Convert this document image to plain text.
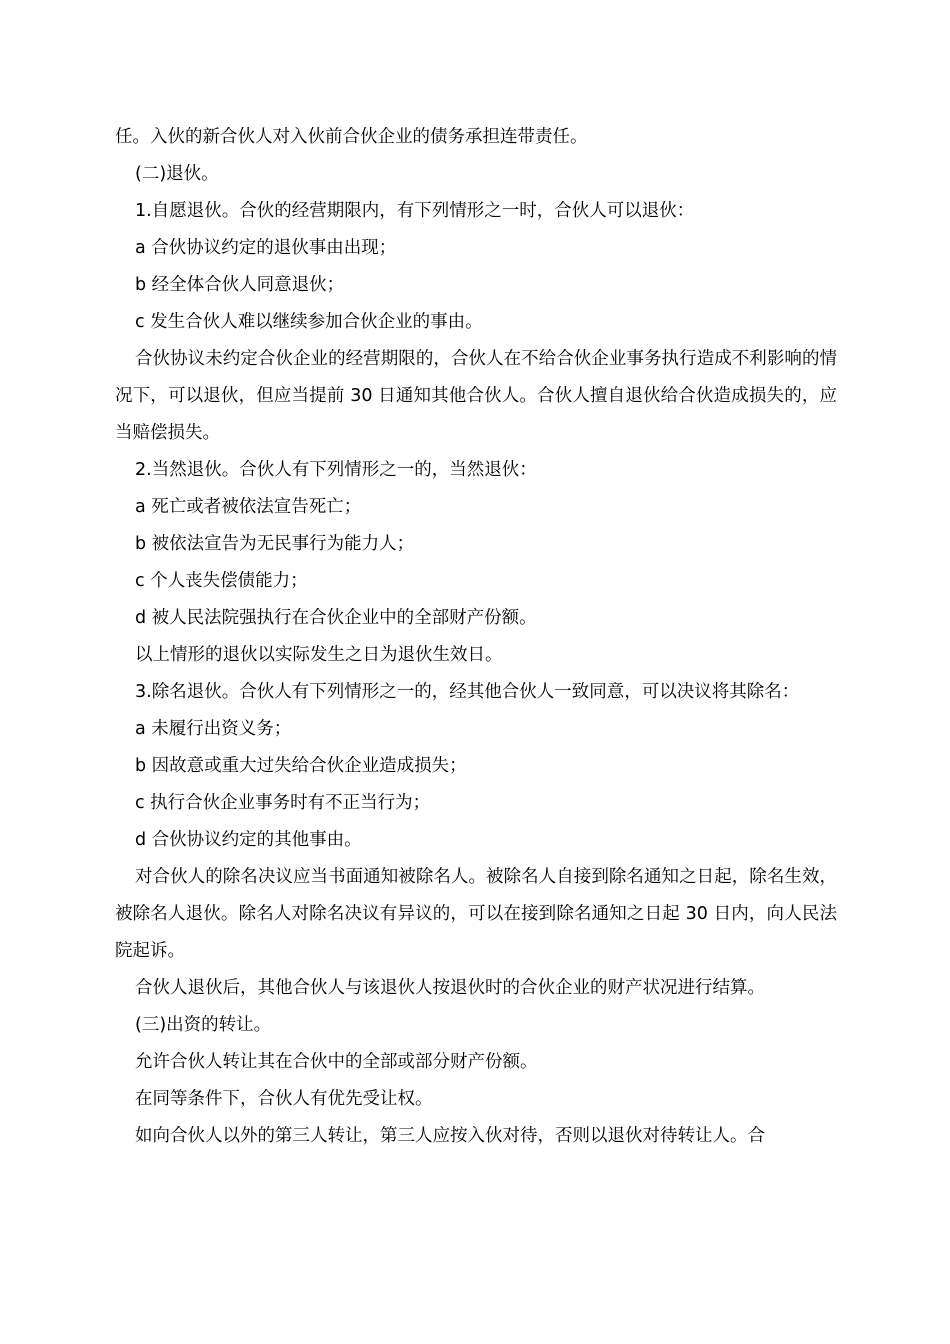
任。入伙的新合伙人对入伙前合伙企业的债务承担连带责任。

(二)退伙。

1.自愿退伙。合伙的经营期限内，有下列情形之一时，合伙人可以退伙：

a 合伙协议约定的退伙事由出现；

b 经全体合伙人同意退伙；

c 发生合伙人难以继续参加合伙企业的事由。

合伙协议未约定合伙企业的经营期限的，合伙人在不给合伙企业事务执行造成不利影响的情况下，可以退伙，但应当提前 30 日通知其他合伙人。合伙人擅自退伙给合伙造成损失的，应当赔偿损失。

2.当然退伙。合伙人有下列情形之一的，当然退伙：

a 死亡或者被依法宣告死亡；

b 被依法宣告为无民事行为能力人；

c 个人丧失偿债能力；

d 被人民法院强执行在合伙企业中的全部财产份额。

以上情形的退伙以实际发生之日为退伙生效日。

3.除名退伙。合伙人有下列情形之一的，经其他合伙人一致同意，可以决议将其除名：

a 未履行出资义务；

b 因故意或重大过失给合伙企业造成损失；

c 执行合伙企业事务时有不正当行为；

d 合伙协议约定的其他事由。

对合伙人的除名决议应当书面通知被除名人。被除名人自接到除名通知之日起，除名生效，被除名人退伙。除名人对除名决议有异议的，可以在接到除名通知之日起 30 日内，向人民法院起诉。

合伙人退伙后，其他合伙人与该退伙人按退伙时的合伙企业的财产状况进行结算。

(三)出资的转让。

允许合伙人转让其在合伙中的全部或部分财产份额。

在同等条件下，合伙人有优先受让权。

如向合伙人以外的第三人转让，第三人应按入伙对待，否则以退伙对待转让人。合
